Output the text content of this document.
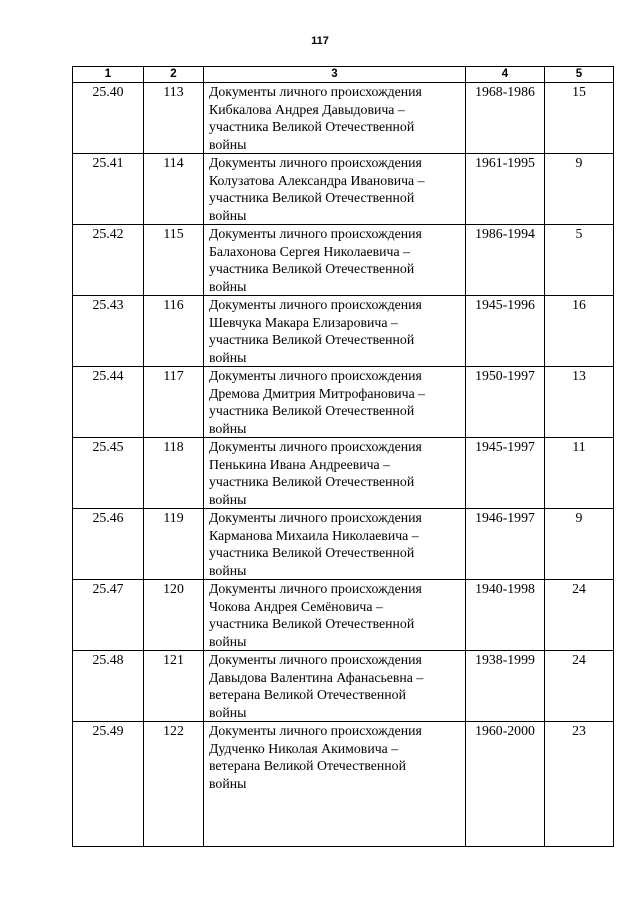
117
1	2	3	4	5
25.40	113	Документы личного происхождения
Кибкалова Андрея Давыдовича –
участника Великой Отечественной
войны	1968-1986	15
25.41	114	Документы личного происхождения
Колузатова Александра Ивановича –
участника Великой Отечественной
войны	1961-1995	9
25.42	115	Документы личного происхождения
Балахонова Сергея Николаевича –
участника Великой Отечественной
войны	1986-1994	5
25.43	116	Документы личного происхождения
Шевчука Макара Елизаровича –
участника Великой Отечественной
войны	1945-1996	16
25.44	117	Документы личного происхождения
Дремова Дмитрия Митрофановича –
участника Великой Отечественной
войны	1950-1997	13
25.45	118	Документы личного происхождения
Пенькина Ивана Андреевича –
участника Великой Отечественной
войны	1945-1997	11
25.46	119	Документы личного происхождения
Карманова Михаила Николаевича –
участника Великой Отечественной
войны	1946-1997	9
25.47	120	Документы личного происхождения
Чокова Андрея Семёновича –
участника Великой Отечественной
войны	1940-1998	24
25.48	121	Документы личного происхождения
Давыдова Валентина Афанасьевна –
ветерана Великой Отечественной
войны	1938-1999	24
25.49	122	Документы личного происхождения
Дудченко Николая Акимовича –
ветерана Великой Отечественной
войны	1960-2000	23
